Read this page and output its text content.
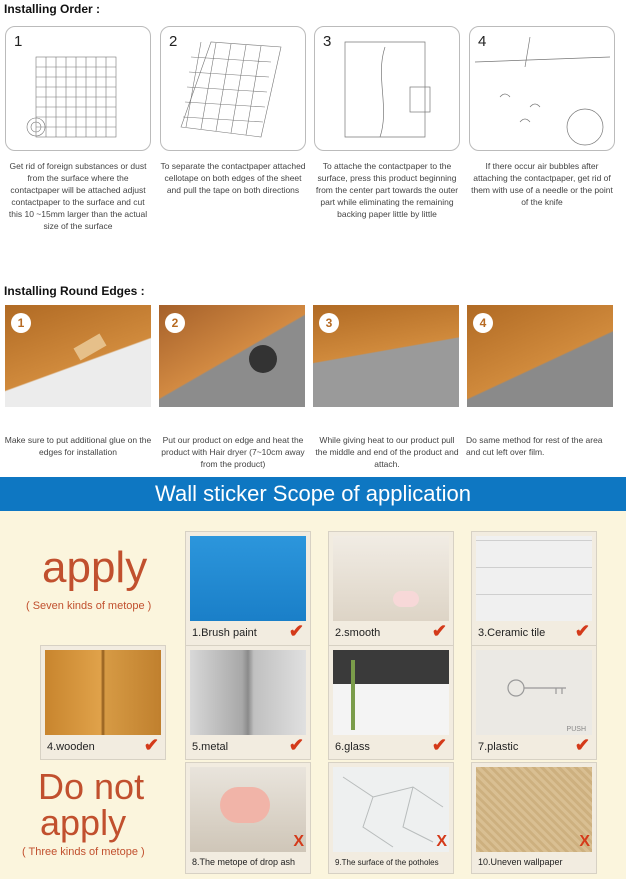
Installing Order :
1	2	3	4
Get rid of foreign substances or dust from the surface where the contactpaper will be attached adjust contactpaper to the surface and cut this 10 ~15mm larger than the actual size of the surface
To separate the contactpaper attached cellotape on both edges of the sheet and pull the tape on both directions
To attache the contactpaper to the surface, press this product beginning from the center part towards the outer part while eliminating the remaining backing paper little by little
If there occur air bubbles after attaching the contactpaper, get rid of them with use of a needle or the point of the knife
Installing Round Edges :
1	2	3	4
Make sure to put additional glue on the edges for installation
Put our product on edge and heat the product with Hair dryer (7~10cm away from the product)
While giving heat to our product pull the middle and end of the product and attach.
Do same method for rest of the area and cut left over film.
Wall sticker Scope of application
apply
( Seven kinds of metope )
1.Brush paint ✔	2.smooth	✔	3.Ceramic tile ✔
4.wooden	✔	5.metal	✔	6.glass	✔
PUSH
7.plastic	✔
Do not
apply
( Three kinds of metope )
8.The metope of drop ash
X
9.The surface of the potholes
X
10.Uneven wallpaper
X
